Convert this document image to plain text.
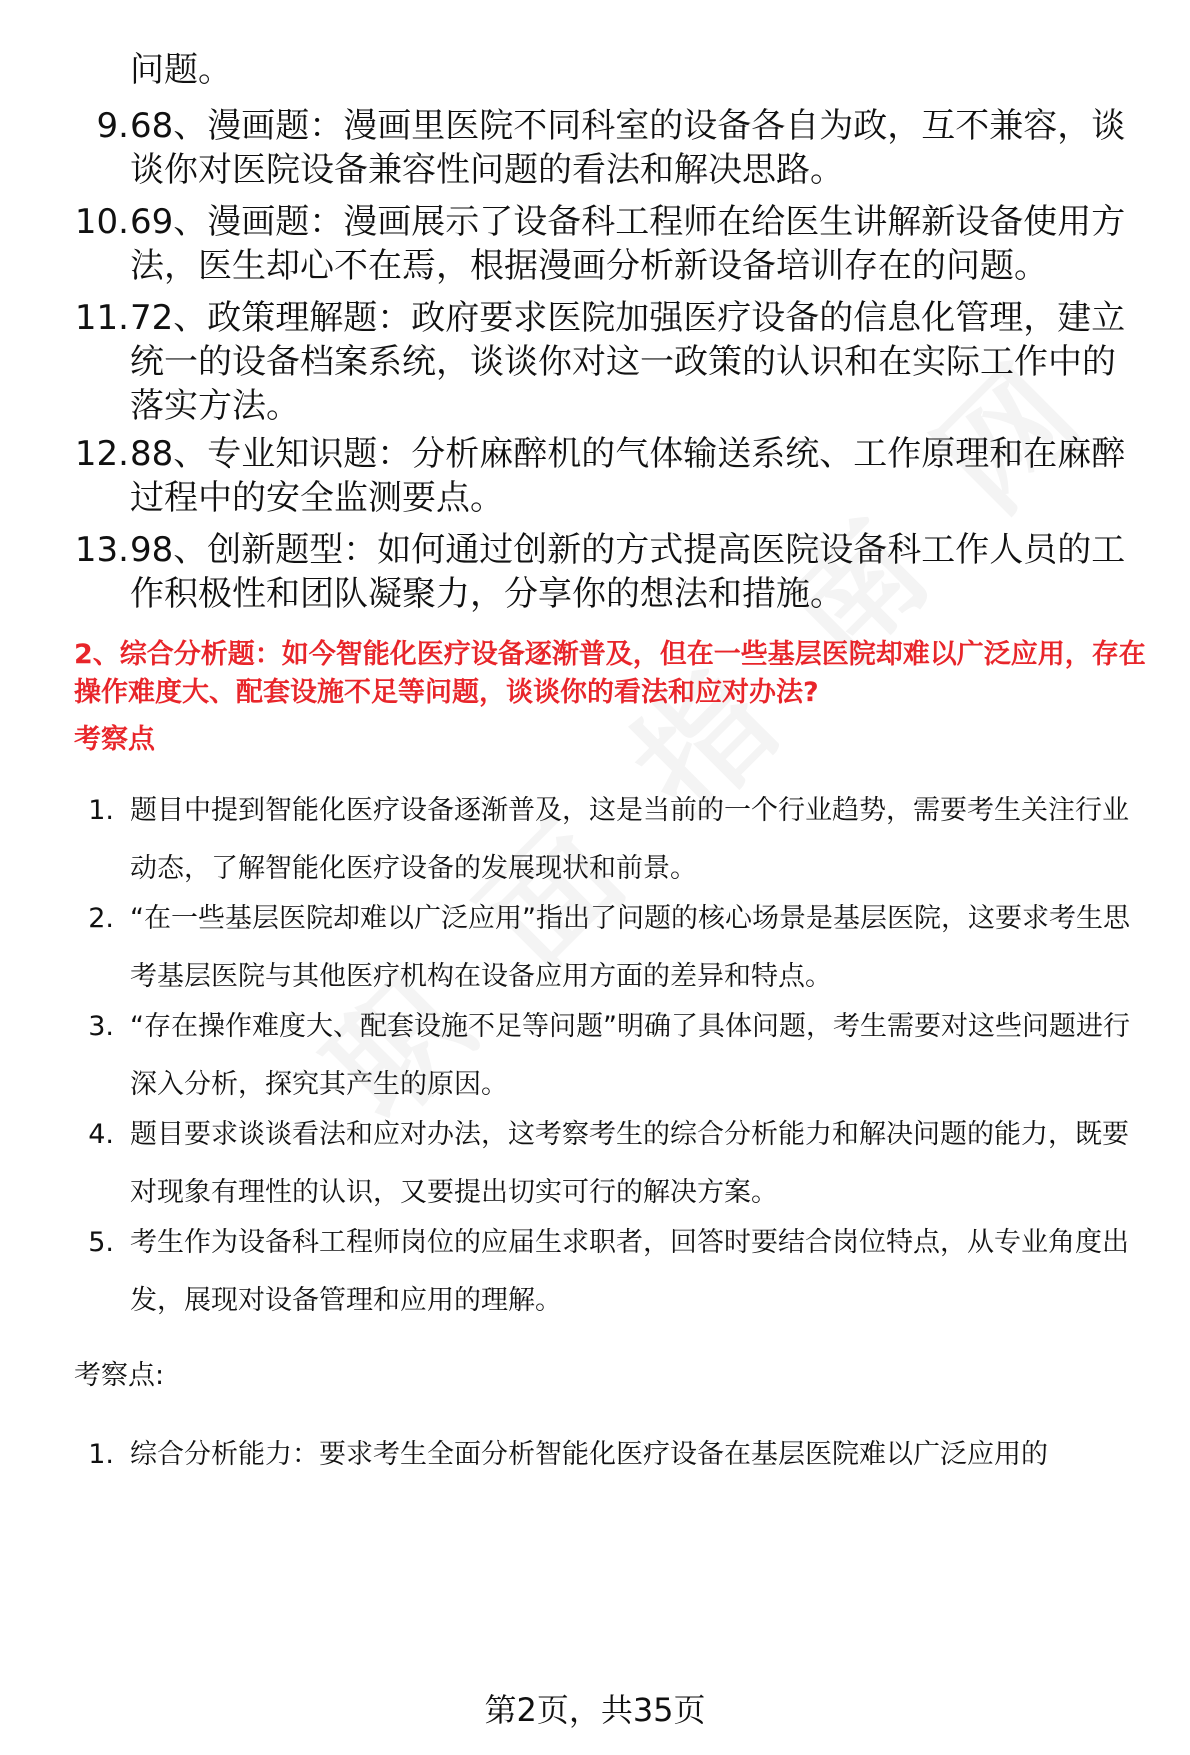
问题。
9. 68、漫画题：漫画里医院不同科室的设备各自为政，互不兼容，谈谈你对医院设备兼容性问题的看法和解决思路。
10. 69、漫画题：漫画展示了设备科工程师在给医生讲解新设备使用方法，医生却心不在焉，根据漫画分析新设备培训存在的问题。
11. 72、政策理解题：政府要求医院加强医疗设备的信息化管理，建立统一的设备档案系统，谈谈你对这一政策的认识和在实际工作中的落实方法。
12. 88、专业知识题：分析麻醉机的气体输送系统、工作原理和在麻醉过程中的安全监测要点。
13. 98、创新题型：如何通过创新的方式提高医院设备科工作人员的工作积极性和团队凝聚力，分享你的想法和措施。
2、综合分析题：如今智能化医疗设备逐渐普及，但在一些基层医院却难以广泛应用，存在操作难度大、配套设施不足等问题，谈谈你的看法和应对办法?
考察点
1. 题目中提到智能化医疗设备逐渐普及，这是当前的一个行业趋势，需要考生关注行业动态，了解智能化医疗设备的发展现状和前景。
2. “在一些基层医院却难以广泛应用”指出了问题的核心场景是基层医院，这要求考生思考基层医院与其他医疗机构在设备应用方面的差异和特点。
3. “存在操作难度大、配套设施不足等问题”明确了具体问题，考生需要对这些问题进行深入分析，探究其产生的原因。
4. 题目要求谈谈看法和应对办法，这考察考生的综合分析能力和解决问题的能力，既要对现象有理性的认识，又要提出切实可行的解决方案。
5. 考生作为设备科工程师岗位的应届生求职者，回答时要结合岗位特点，从专业角度出发，展现对设备管理和应用的理解。
考察点:
1. 综合分析能力：要求考生全面分析智能化医疗设备在基层医院难以广泛应用的
第2页，共35页
